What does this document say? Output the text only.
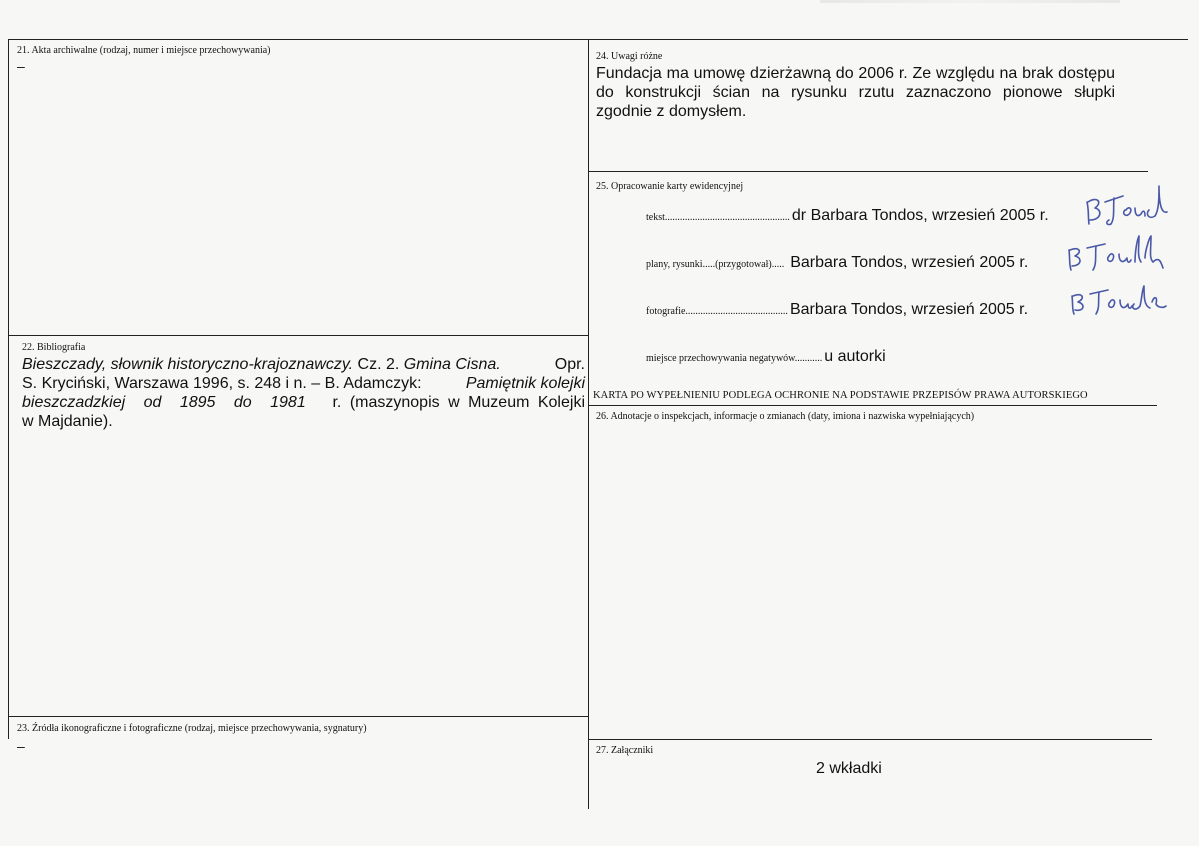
21. Akta archiwalne (rodzaj, numer i miejsce przechowywania)
–
22. Bibliografia
Bieszczady, słownik historyczno-krajoznawczy. Cz. 2. Gmina Cisna.	Opr.
S. Kryciński, Warszawa 1996, s. 248 i n. – B. Adamczyk: Pamiętnik kolejki
bieszczadzkiej od 1895 do 1981 r. (maszynopis w Muzeum Kolejki
w Majdanie).
23. Źródła ikonograficzne i fotograficzne (rodzaj, miejsce przechowywania, sygnatury)
–
24. Uwagi różne
Fundacja ma umowę dzierżawną do 2006 r. Ze względu na brak dostępu do konstrukcji ścian na rysunku rzutu zaznaczono pionowe słupki zgodnie z domysłem.
25. Opracowanie karty ewidencyjnej
tekst.................................................. dr Barbara Tondos, wrzesień 2005 r.
plany, rysunki.....(przygotował)..... Barbara Tondos, wrzesień 2005 r.
fotografie......................................... Barbara Tondos, wrzesień 2005 r.
miejsce przechowywania negatywów........... u autorki
KARTA PO WYPEŁNIENIU PODLEGA OCHRONIE NA PODSTAWIE PRZEPISÓW PRAWA AUTORSKIEGO
26. Adnotacje o inspekcjach, informacje o zmianach (daty, imiona i nazwiska wypełniających)
27. Załączniki
2 wkładki
